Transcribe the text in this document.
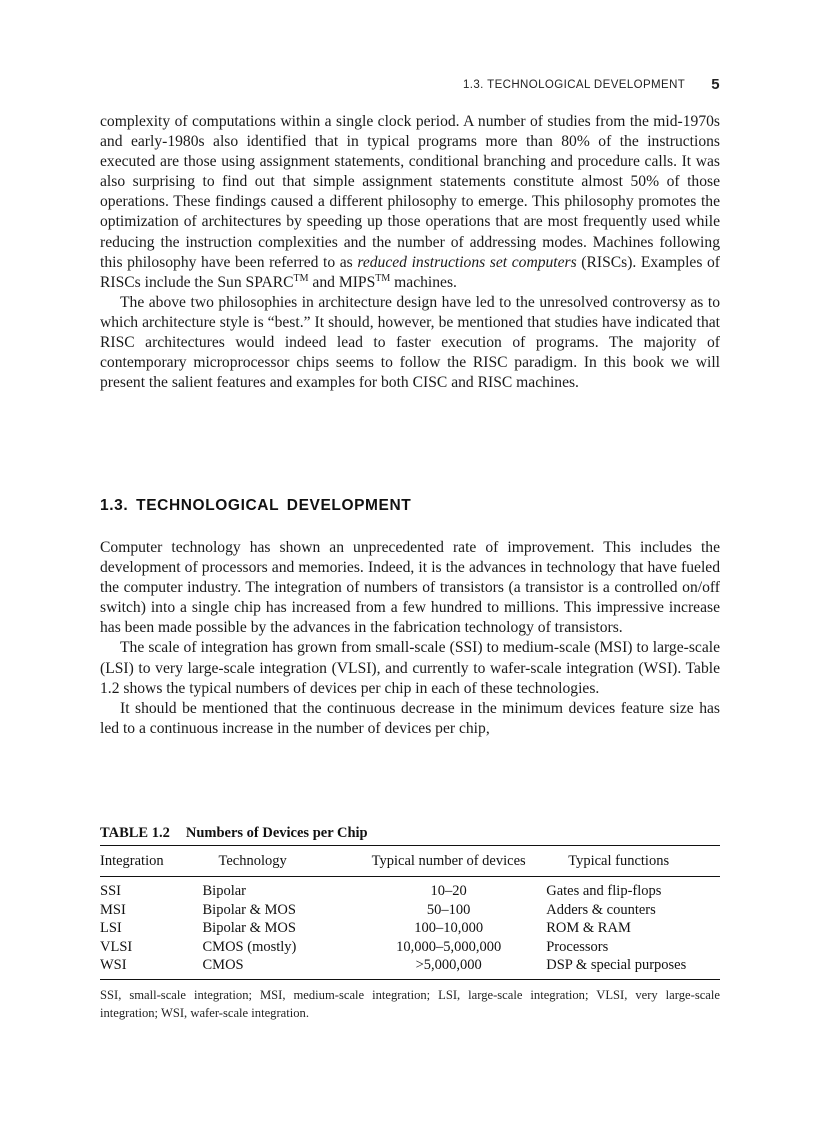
1.3. TECHNOLOGICAL DEVELOPMENT 5

complexity of computations within a single clock period. A number of studies from the mid-1970s and early-1980s also identified that in typical programs more than 80% of the instructions executed are those using assignment statements, conditional branching and procedure calls. It was also surprising to find out that simple assignment statements constitute almost 50% of those operations. These findings caused a different philosophy to emerge. This philosophy promotes the optimization of architectures by speeding up those operations that are most frequently used while reducing the instruction complexities and the number of addressing modes. Machines following this philosophy have been referred to as reduced instructions set computers (RISCs). Examples of RISCs include the Sun SPARC™ and MIPS™ machines.

The above two philosophies in architecture design have led to the unresolved controversy as to which architecture style is “best.” It should, however, be mentioned that studies have indicated that RISC architectures would indeed lead to faster execution of programs. The majority of contemporary microprocessor chips seems to follow the RISC paradigm. In this book we will present the salient features and examples for both CISC and RISC machines.

1.3. TECHNOLOGICAL DEVELOPMENT

Computer technology has shown an unprecedented rate of improvement. This includes the development of processors and memories. Indeed, it is the advances in technology that have fueled the computer industry. The integration of numbers of transistors (a transistor is a controlled on/off switch) into a single chip has increased from a few hundred to millions. This impressive increase has been made possible by the advances in the fabrication technology of transistors.

The scale of integration has grown from small-scale (SSI) to medium-scale (MSI) to large-scale (LSI) to very large-scale integration (VLSI), and currently to wafer-scale integration (WSI). Table 1.2 shows the typical numbers of devices per chip in each of these technologies.

It should be mentioned that the continuous decrease in the minimum devices feature size has led to a continuous increase in the number of devices per chip,

TABLE 1.2 Numbers of Devices per Chip
Integration	Technology	Typical number of devices	Typical functions
SSI	Bipolar	10–20	Gates and flip-flops
MSI	Bipolar & MOS	50–100	Adders & counters
LSI	Bipolar & MOS	100–10,000	ROM & RAM
VLSI	CMOS (mostly)	10,000–5,000,000	Processors
WSI	CMOS	>5,000,000	DSP & special purposes

SSI, small-scale integration; MSI, medium-scale integration; LSI, large-scale integration; VLSI, very large-scale integration; WSI, wafer-scale integration.
